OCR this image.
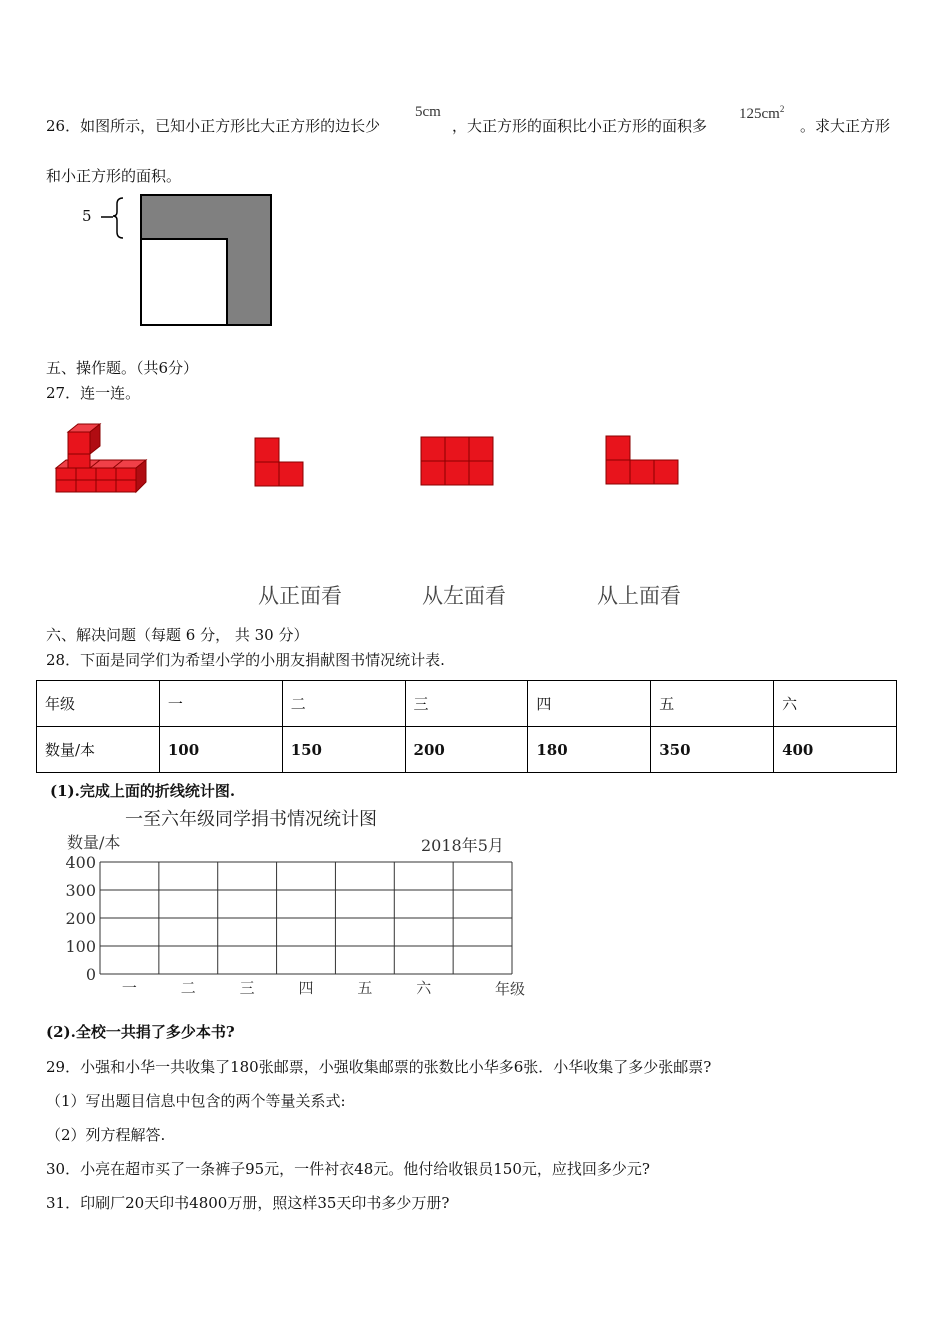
26．如图所示，已知小正方形比大正方形的边长少
5cm
，大正方形的面积比小正方形的面积多
$125cm^2$
。求大正方形
和小正方形的面积。
5
五、操作题。（共6分）
27．连一连。
从正面看	从左面看	从上面看
六、解决问题（每题 6 分， 共 30 分）
28．下面是同学们为希望小学的小朋友捐献图书情况统计表.
年级	一	二	三	四	五	六
数量/本	100	150	200	180	350	400
(1).完成上面的折线统计图.
一至六年级同学捐书情况统计图
数量/本	2018年5月
年级
400
300
200
100
0
一	二	三	四	五	六
(2).全校一共捐了多少本书?
29．小强和小华一共收集了180张邮票，小强收集邮票的张数比小华多6张．小华收集了多少张邮票?
（1）写出题目信息中包含的两个等量关系式:
（2）列方程解答.
30．小亮在超市买了一条裤子95元，一件衬衣48元。他付给收银员150元，应找回多少元?
31．印刷厂20天印书4800万册，照这样35天印书多少万册?
